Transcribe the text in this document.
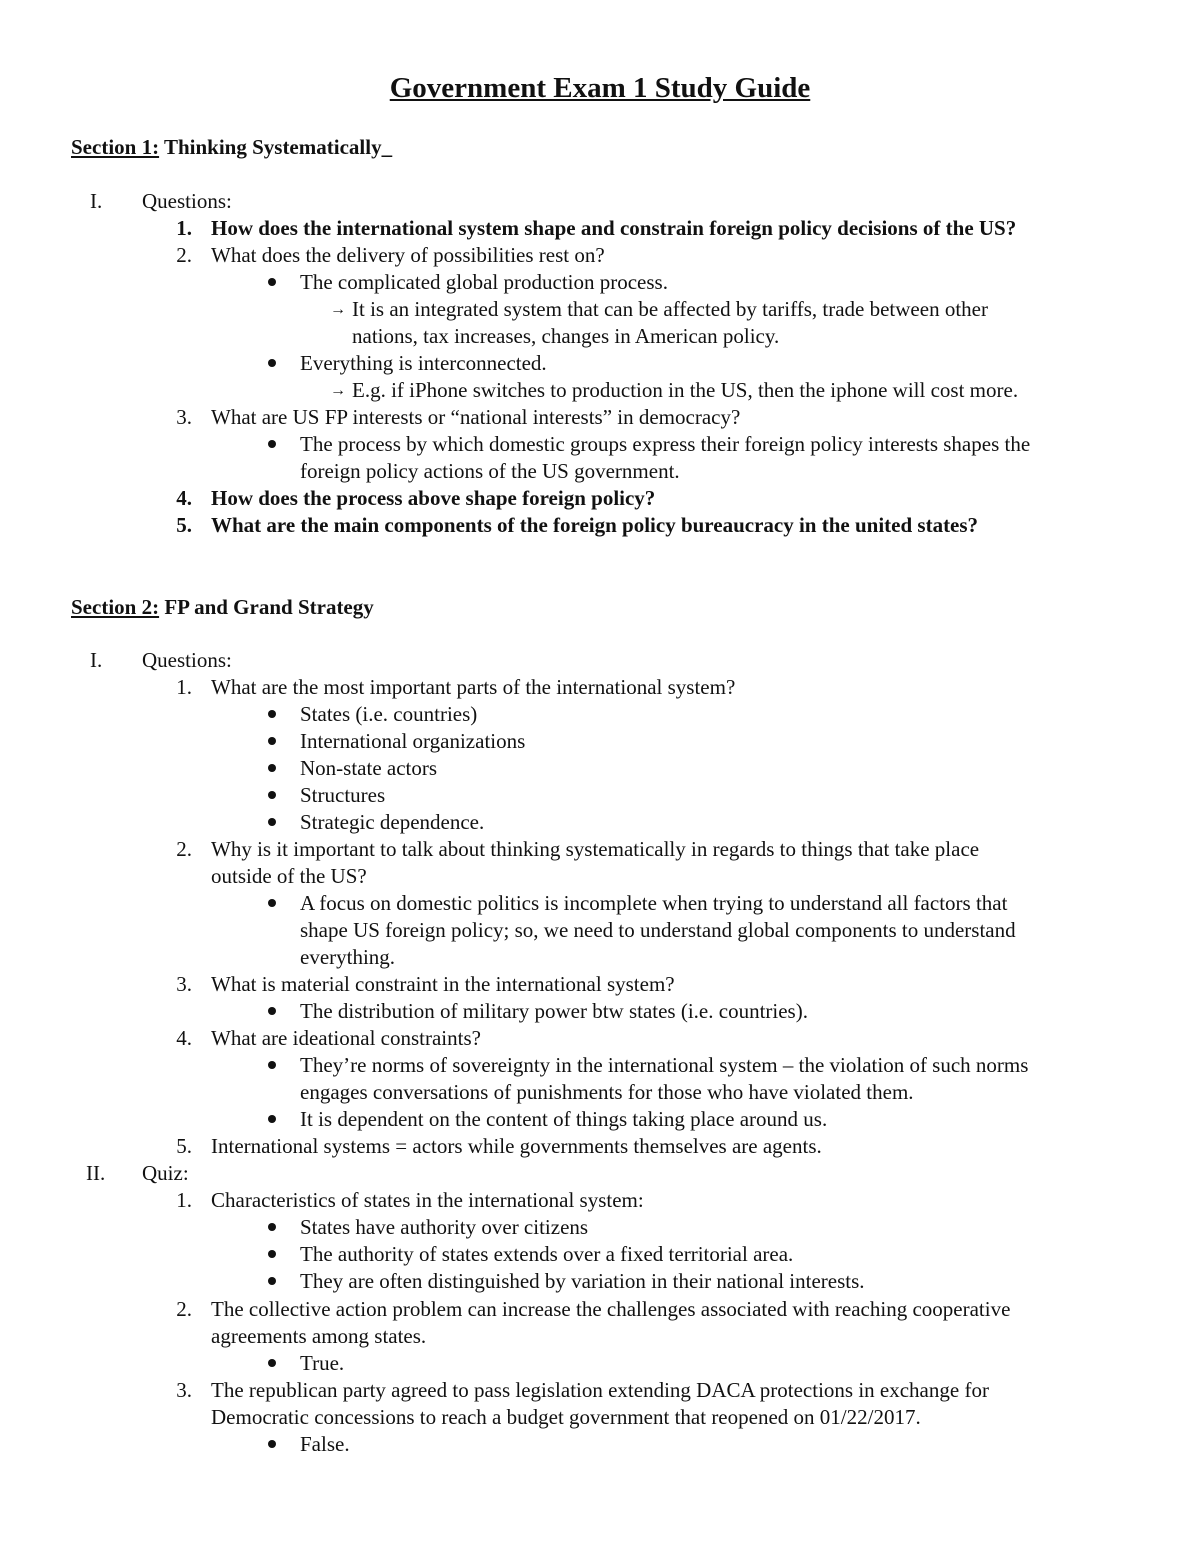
Government Exam 1 Study Guide
Section 1: Thinking Systematically_
I. Questions:
1. How does the international system shape and constrain foreign policy decisions of the US?
2. What does the delivery of possibilities rest on?
The complicated global production process.
→ It is an integrated system that can be affected by tariffs, trade between other
nations, tax increases, changes in American policy.
Everything is interconnected.
→ E.g. if iPhone switches to production in the US, then the iphone will cost more.
3. What are US FP interests or “national interests” in democracy?
The process by which domestic groups express their foreign policy interests shapes the
foreign policy actions of the US government.
4. How does the process above shape foreign policy?
5. What are the main components of the foreign policy bureaucracy in the united states?
Section 2: FP and Grand Strategy
I. Questions:
1. What are the most important parts of the international system?
States (i.e. countries)
International organizations
Non-state actors
Structures
Strategic dependence.
2. Why is it important to talk about thinking systematically in regards to things that take place
outside of the US?
A focus on domestic politics is incomplete when trying to understand all factors that
shape US foreign policy; so, we need to understand global components to understand
everything.
3. What is material constraint in the international system?
The distribution of military power btw states (i.e. countries).
4. What are ideational constraints?
They’re norms of sovereignty in the international system – the violation of such norms
engages conversations of punishments for those who have violated them.
It is dependent on the content of things taking place around us.
5. International systems = actors while governments themselves are agents.
II. Quiz:
1. Characteristics of states in the international system:
States have authority over citizens
The authority of states extends over a fixed territorial area.
They are often distinguished by variation in their national interests.
2. The collective action problem can increase the challenges associated with reaching cooperative
agreements among states.
True.
3. The republican party agreed to pass legislation extending DACA protections in exchange for
Democratic concessions to reach a budget government that reopened on 01/22/2017.
False.
